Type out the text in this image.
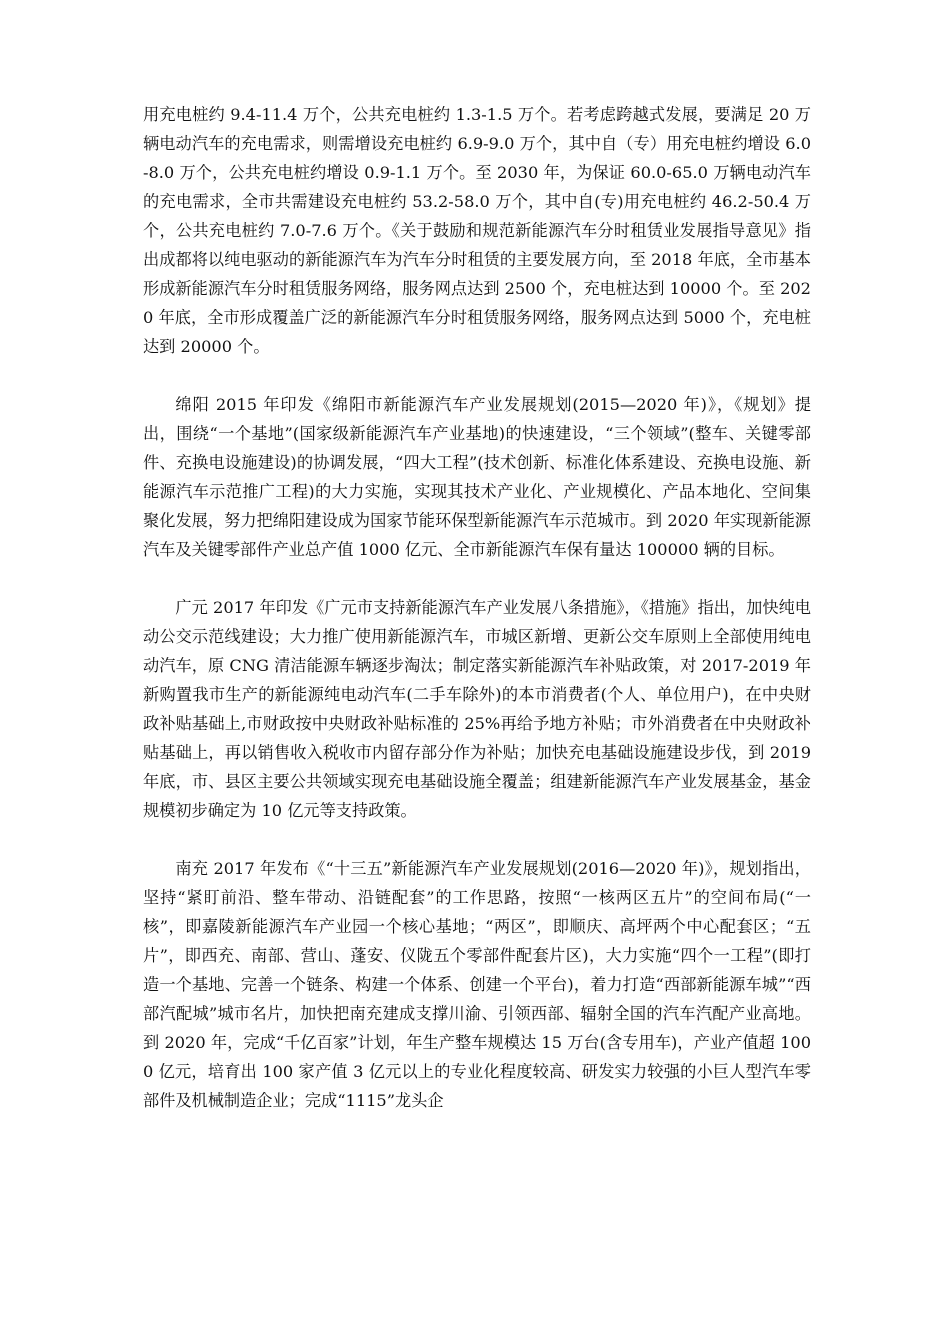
用充电桩约 9.4-11.4 万个，公共充电桩约 1.3-1.5 万个。若考虑跨越式发展，要满足 20 万辆电动汽车的充电需求，则需增设充电桩约 6.9-9.0 万个，其中自（专）用充电桩约增设 6.0-8.0 万个，公共充电桩约增设 0.9-1.1 万个。至 2030 年，为保证 60.0-65.0 万辆电动汽车的充电需求，全市共需建设充电桩约 53.2-58.0 万个，其中自(专)用充电桩约 46.2-50.4 万个，公共充电桩约 7.0-7.6 万个。《关于鼓励和规范新能源汽车分时租赁业发展指导意见》指出成都将以纯电驱动的新能源汽车为汽车分时租赁的主要发展方向，至 2018 年底，全市基本形成新能源汽车分时租赁服务网络，服务网点达到 2500 个，充电桩达到 10000 个。至 2020 年底，全市形成覆盖广泛的新能源汽车分时租赁服务网络，服务网点达到 5000 个，充电桩达到 20000 个。

绵阳 2015 年印发《绵阳市新能源汽车产业发展规划(2015—2020 年)》，《规划》提出，围绕“一个基地”(国家级新能源汽车产业基地)的快速建设，“三个领域”(整车、关键零部件、充换电设施建设)的协调发展，“四大工程”(技术创新、标准化体系建设、充换电设施、新能源汽车示范推广工程)的大力实施，实现其技术产业化、产业规模化、产品本地化、空间集聚化发展，努力把绵阳建设成为国家节能环保型新能源汽车示范城市。到 2020 年实现新能源汽车及关键零部件产业总产值 1000 亿元、全市新能源汽车保有量达 100000 辆的目标。

广元 2017 年印发《广元市支持新能源汽车产业发展八条措施》，《措施》指出，加快纯电动公交示范线建设；大力推广使用新能源汽车，市城区新增、更新公交车原则上全部使用纯电动汽车，原 CNG 清洁能源车辆逐步淘汰；制定落实新能源汽车补贴政策，对 2017-2019 年新购置我市生产的新能源纯电动汽车(二手车除外)的本市消费者(个人、单位用户)，在中央财政补贴基础上,市财政按中央财政补贴标准的 25%再给予地方补贴；市外消费者在中央财政补贴基础上，再以销售收入税收市内留存部分作为补贴；加快充电基础设施建设步伐，到 2019 年底，市、县区主要公共领域实现充电基础设施全覆盖；组建新能源汽车产业发展基金，基金规模初步确定为 10 亿元等支持政策。

南充 2017 年发布《“十三五”新能源汽车产业发展规划(2016—2020 年)》，规划指出，坚持“紧盯前沿、整车带动、沿链配套”的工作思路，按照“一核两区五片”的空间布局(“一核”，即嘉陵新能源汽车产业园一个核心基地；“两区”，即顺庆、高坪两个中心配套区；“五片”，即西充、南部、营山、蓬安、仪陇五个零部件配套片区)，大力实施“四个一工程”(即打造一个基地、完善一个链条、构建一个体系、创建一个平台)，着力打造“西部新能源车城”“西部汽配城”城市名片，加快把南充建成支撑川渝、引领西部、辐射全国的汽车汽配产业高地。到 2020 年，完成“千亿百家”计划，年生产整车规模达 15 万台(含专用车)，产业产值超 1000 亿元，培育出 100 家产值 3 亿元以上的专业化程度较高、研发实力较强的小巨人型汽车零部件及机械制造企业；完成“1115”龙头企
